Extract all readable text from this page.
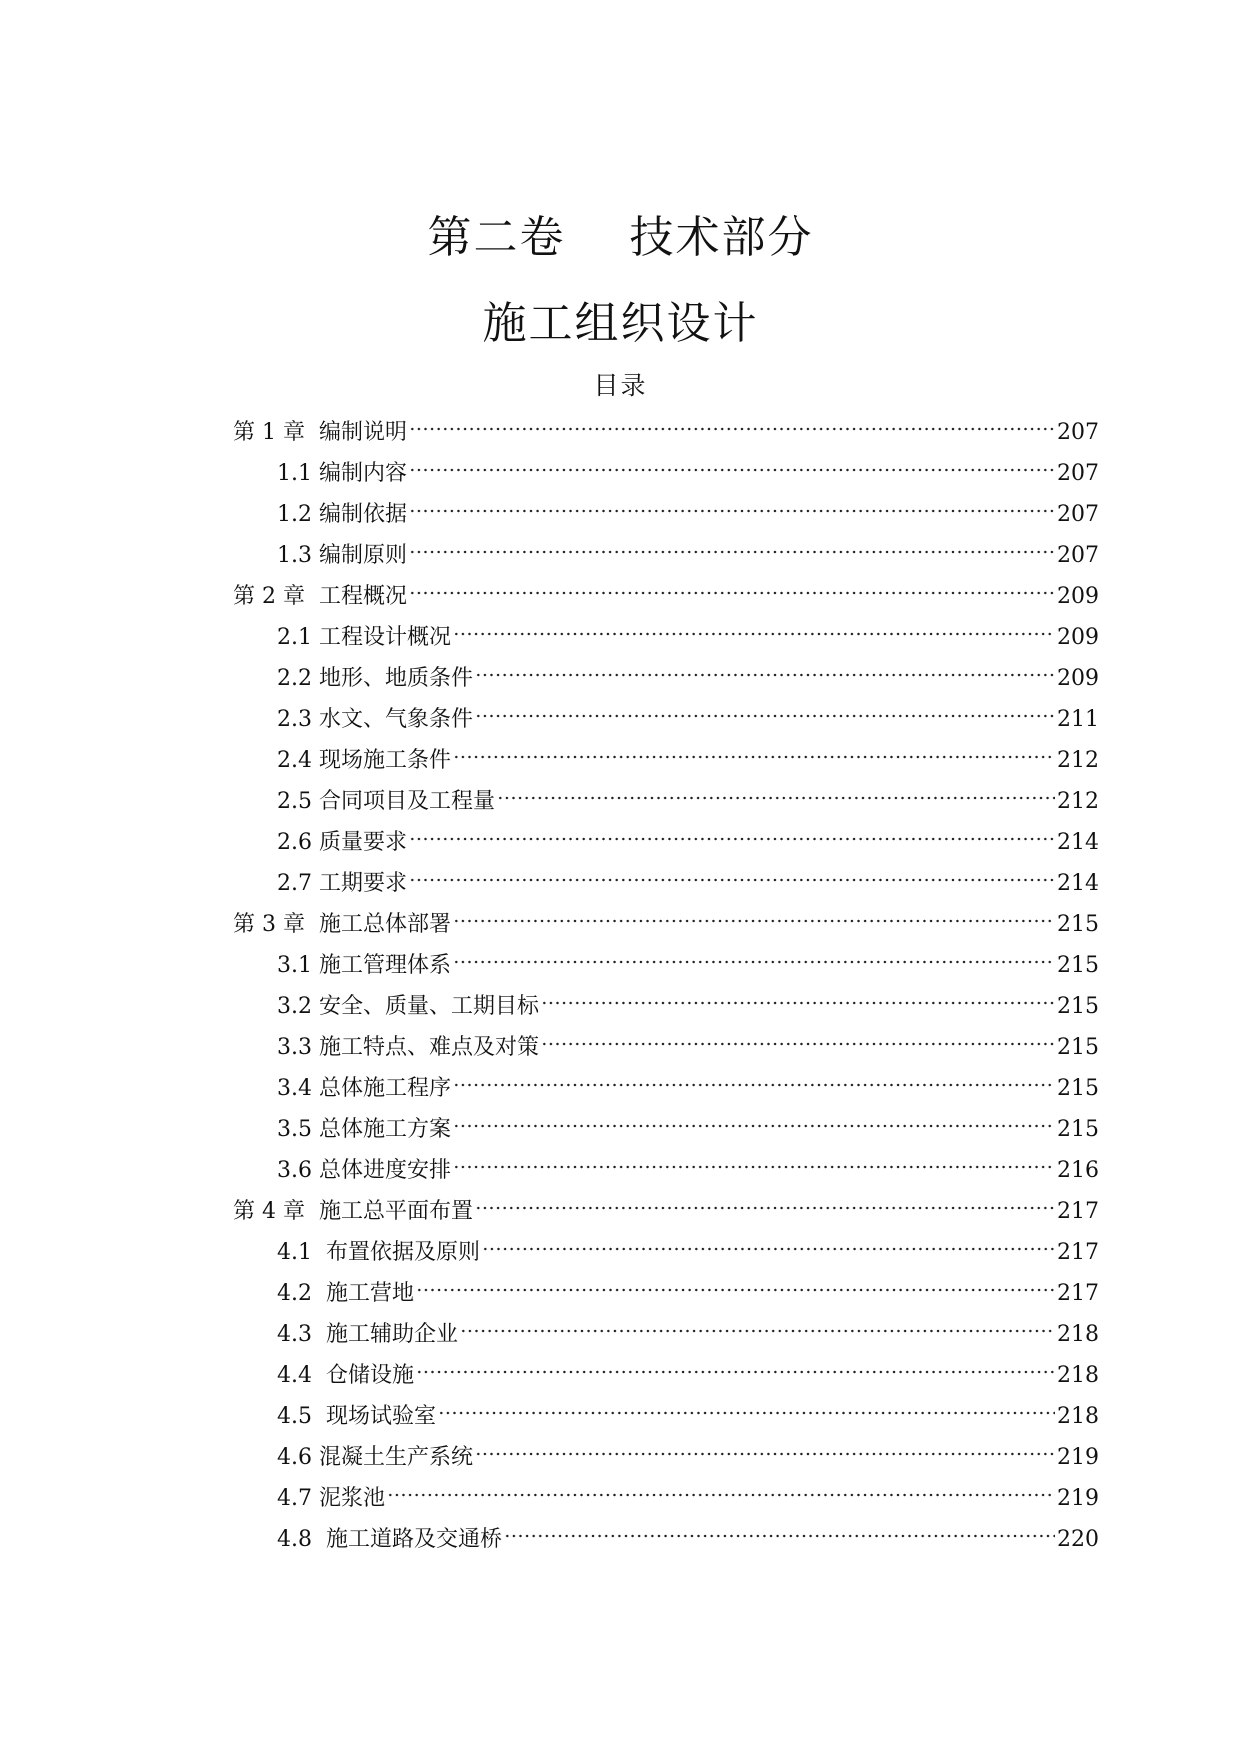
第二卷 技术部分
施工组织设计
目录
第 1 章  编制说明	207
1.1 编制内容	207
1.2 编制依据	207
1.3 编制原则	207
第 2 章  工程概况	209
2.1 工程设计概况	209
2.2 地形、地质条件	209
2.3 水文、气象条件	211
2.4 现场施工条件	212
2.5 合同项目及工程量	212
2.6 质量要求	214
2.7 工期要求	214
第 3 章  施工总体部署	215
3.1 施工管理体系	215
3.2 安全、质量、工期目标	215
3.3 施工特点、难点及对策	215
3.4 总体施工程序	215
3.5 总体施工方案	215
3.6 总体进度安排	216
第 4 章  施工总平面布置	217
4.1  布置依据及原则	217
4.2  施工营地	217
4.3  施工辅助企业	218
4.4  仓储设施	218
4.5  现场试验室	218
4.6 混凝土生产系统	219
4.7 泥浆池	219
4.8  施工道路及交通桥	220
